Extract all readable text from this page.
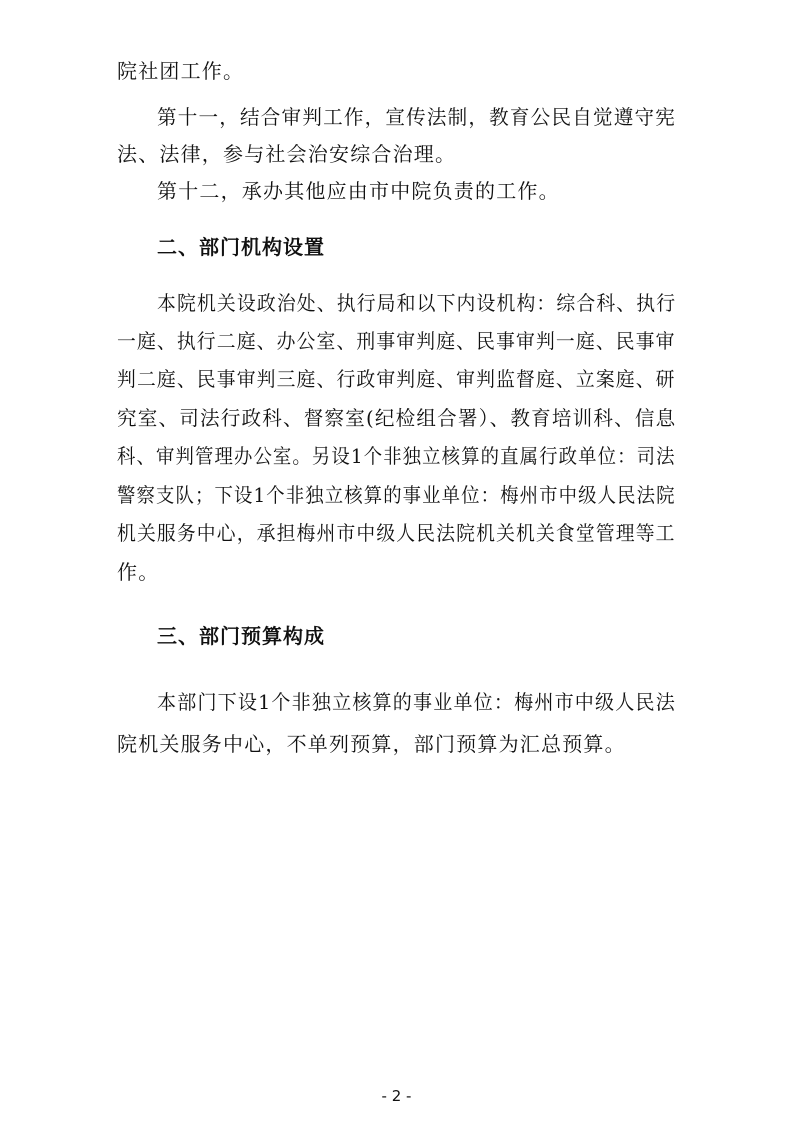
院社团工作。
第十一，结合审判工作，宣传法制，教育公民自觉遵守宪
法、法律，参与社会治安综合治理。
第十二，承办其他应由市中院负责的工作。
二、部门机构设置
本院机关设政治处、执行局和以下内设机构：综合科、执行
一庭、执行二庭、办公室、刑事审判庭、民事审判一庭、民事审
判二庭、民事审判三庭、行政审判庭、审判监督庭、立案庭、研
究室、司法行政科、督察室(纪检组合署）、教育培训科、信息
科、审判管理办公室。另设1个非独立核算的直属行政单位：司法
警察支队；下设1个非独立核算的事业单位：梅州市中级人民法院
机关服务中心，承担梅州市中级人民法院机关机关食堂管理等工
作。
三、部门预算构成
本部门下设1个非独立核算的事业单位：梅州市中级人民法
院机关服务中心，不单列预算，部门预算为汇总预算。
- 2 -
